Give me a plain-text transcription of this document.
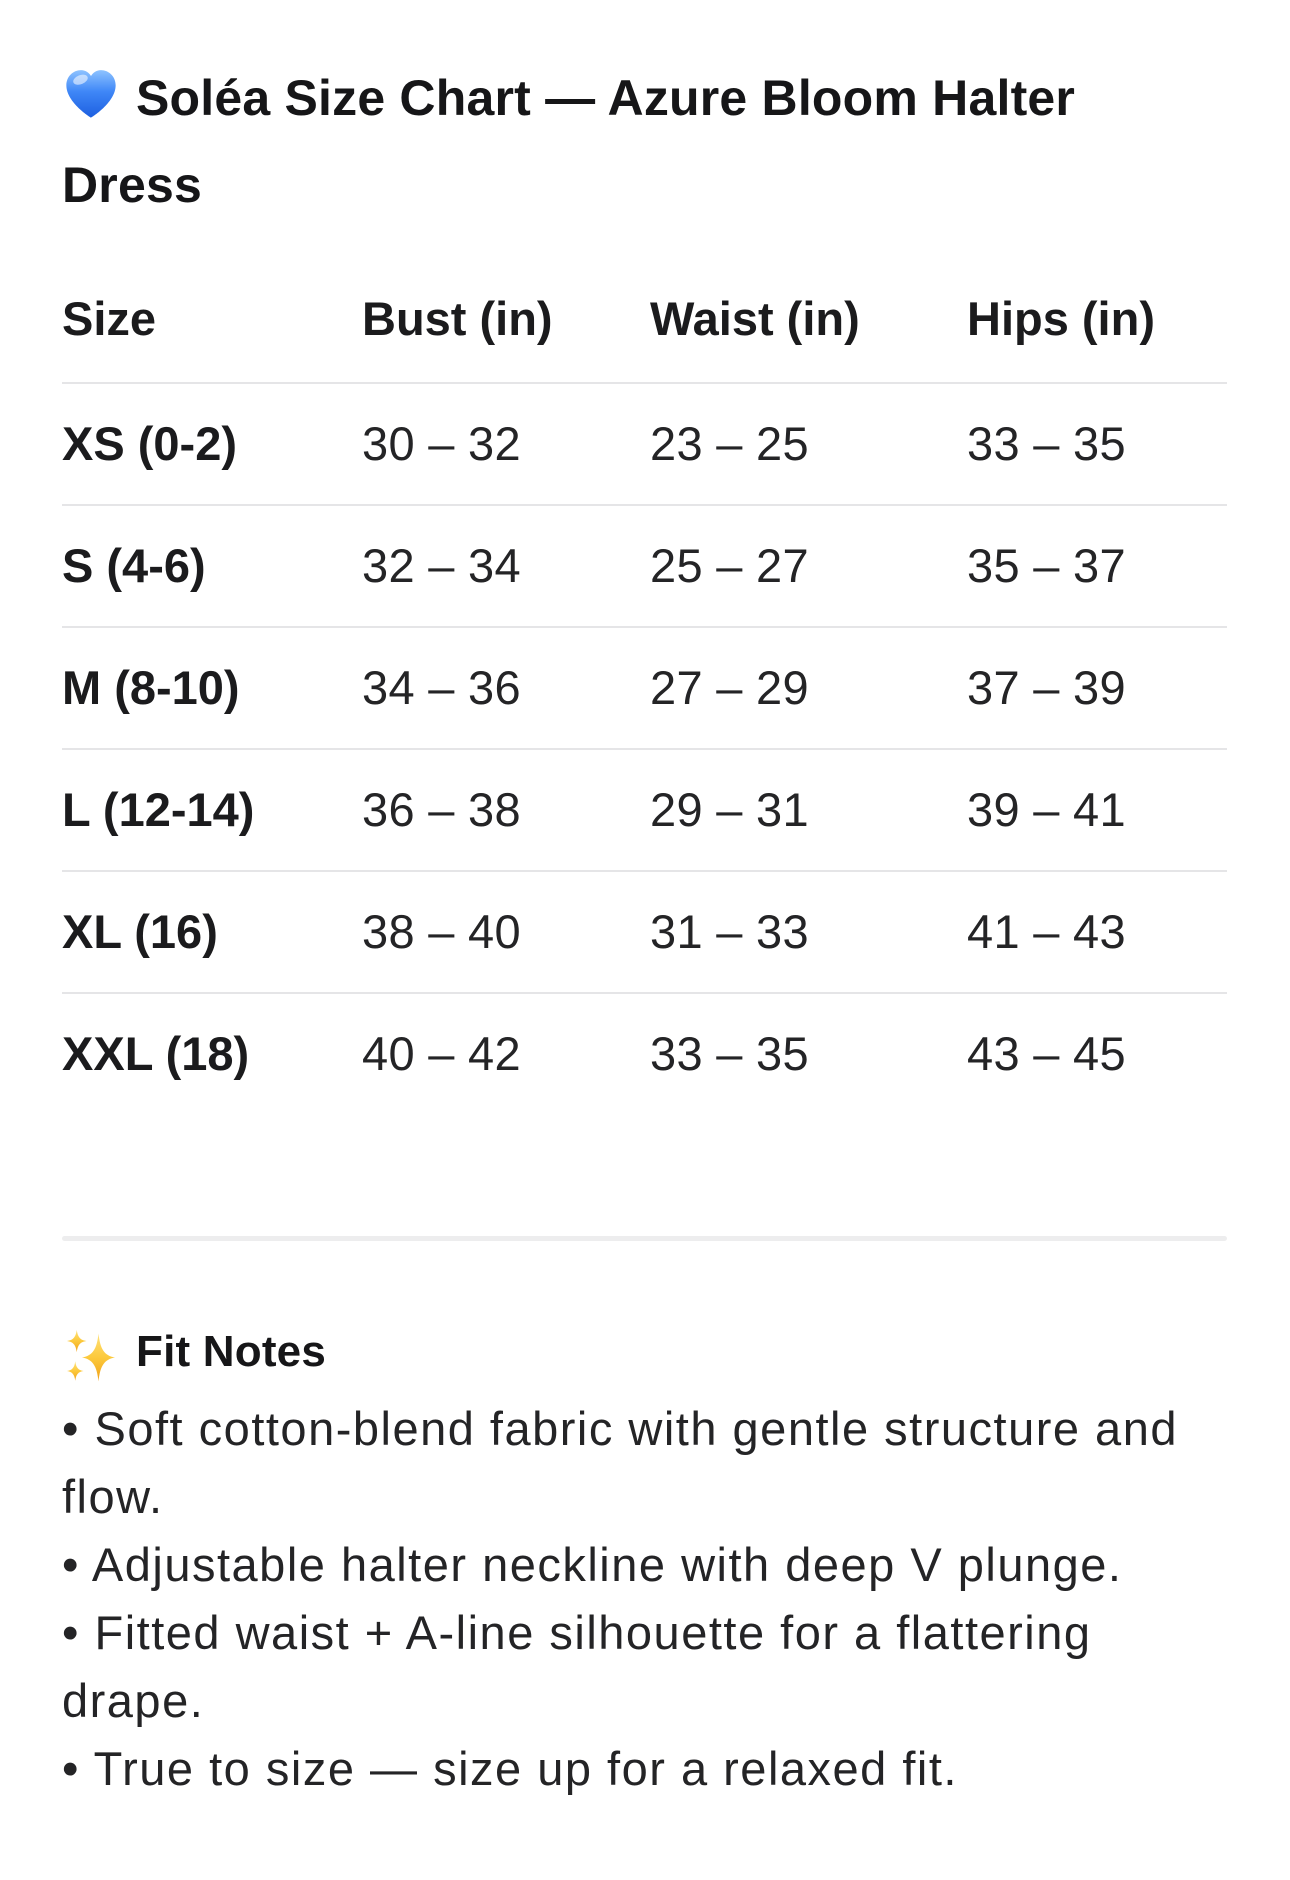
Soléa Size Chart — Azure Bloom Halter Dress
Size	Bust (in)	Waist (in)	Hips (in)
XS (0-2)	30 – 32	23 – 25	33 – 35
S (4-6)	32 – 34	25 – 27	35 – 37
M (8-10)	34 – 36	27 – 29	37 – 39
L (12-14)	36 – 38	29 – 31	39 – 41
XL (16)	38 – 40	31 – 33	41 – 43
XXL (18)	40 – 42	33 – 35	43 – 45
Fit Notes

• Soft cotton-blend fabric with gentle structure and flow.

• Adjustable halter neckline with deep V plunge.

• Fitted waist + A-line silhouette for a flattering drape.

• True to size — size up for a relaxed fit.
